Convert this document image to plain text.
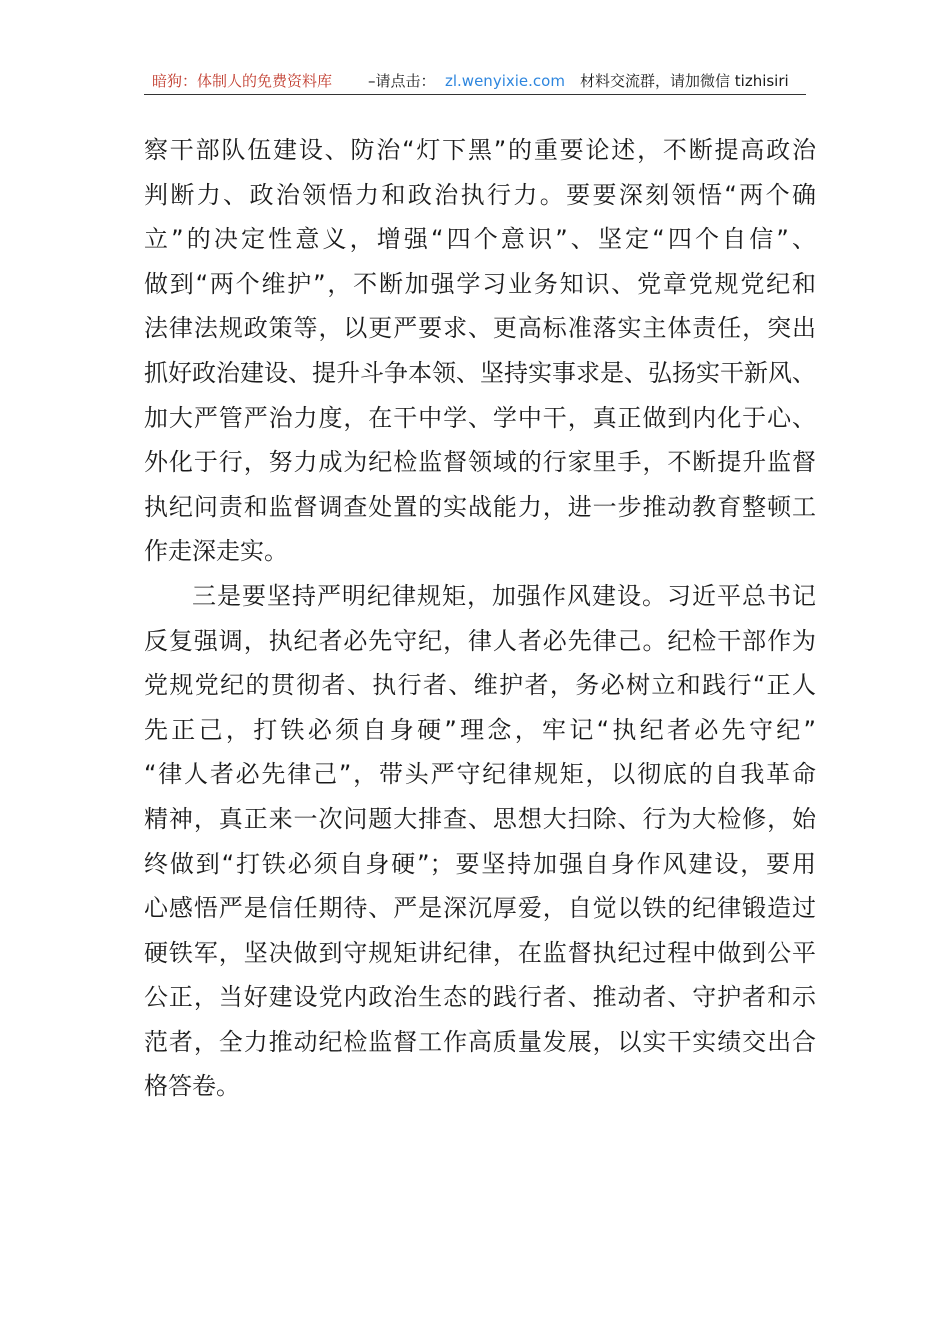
暗狗：体制人的免费资料库 –请点击： zl.wenyixie.com 材料交流群，请加微信 tizhisiri
察干部队伍建设、防治“灯下黑”的重要论述，不断提高政治
判断力、政治领悟力和政治执行力。要要深刻领悟“两个确
立”的决定性意义，增强“四个意识”、坚定“四个自信”、
做到“两个维护”，不断加强学习业务知识、党章党规党纪和
法律法规政策等，以更严要求、更高标准落实主体责任，突出
抓好政治建设、提升斗争本领、坚持实事求是、弘扬实干新风、
加大严管严治力度，在干中学、学中干，真正做到内化于心、
外化于行，努力成为纪检监督领域的行家里手，不断提升监督
执纪问责和监督调查处置的实战能力，进一步推动教育整顿工
作走深走实。
三是要坚持严明纪律规矩，加强作风建设。习近平总书记
反复强调，执纪者必先守纪，律人者必先律己。纪检干部作为
党规党纪的贯彻者、执行者、维护者，务必树立和践行“正人
先正己，打铁必须自身硬”理念，牢记“执纪者必先守纪”
“律人者必先律己”，带头严守纪律规矩，以彻底的自我革命
精神，真正来一次问题大排查、思想大扫除、行为大检修，始
终做到“打铁必须自身硬”；要坚持加强自身作风建设，要用
心感悟严是信任期待、严是深沉厚爱，自觉以铁的纪律锻造过
硬铁军，坚决做到守规矩讲纪律，在监督执纪过程中做到公平
公正，当好建设党内政治生态的践行者、推动者、守护者和示
范者，全力推动纪检监督工作高质量发展，以实干实绩交出合
格答卷。
